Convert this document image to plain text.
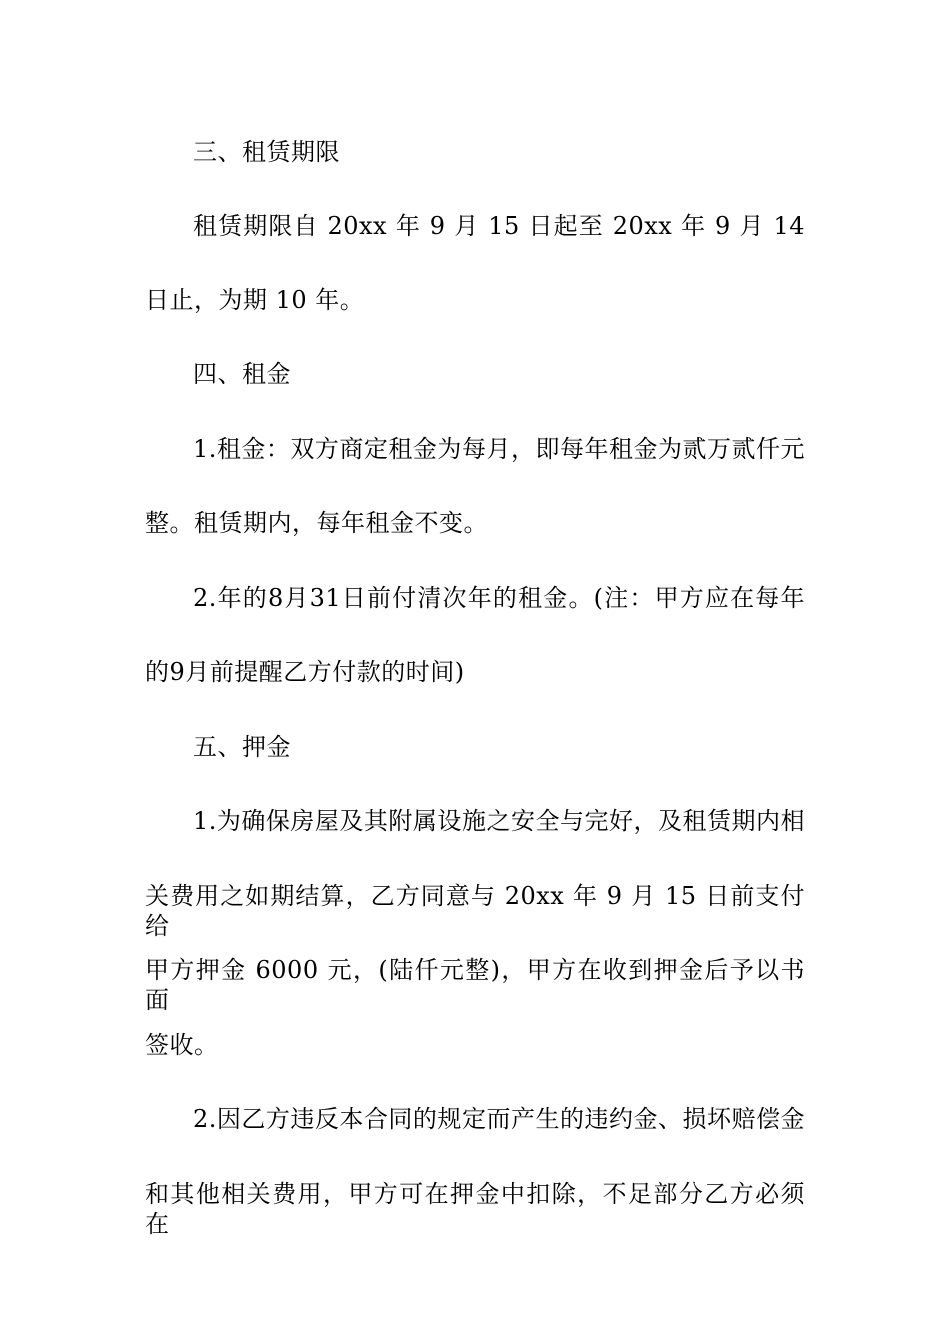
三、租赁期限
租赁期限自 20xx 年 9 月 15 日起至 20xx 年 9 月 14
日止，为期 10 年。
四、租金
1.租金：双方商定租金为每月，即每年租金为贰万贰仟元
整。租赁期内，每年租金不变。
2.年的8月31日前付清次年的租金。(注：甲方应在每年
的9月前提醒乙方付款的时间)
五、押金
1.为确保房屋及其附属设施之安全与完好，及租赁期内相
关费用之如期结算，乙方同意与 20xx 年 9 月 15 日前支付给
甲方押金 6000 元，(陆仟元整)，甲方在收到押金后予以书面
签收。
2.因乙方违反本合同的规定而产生的违约金、损坏赔偿金
和其他相关费用，甲方可在押金中扣除，不足部分乙方必须在
